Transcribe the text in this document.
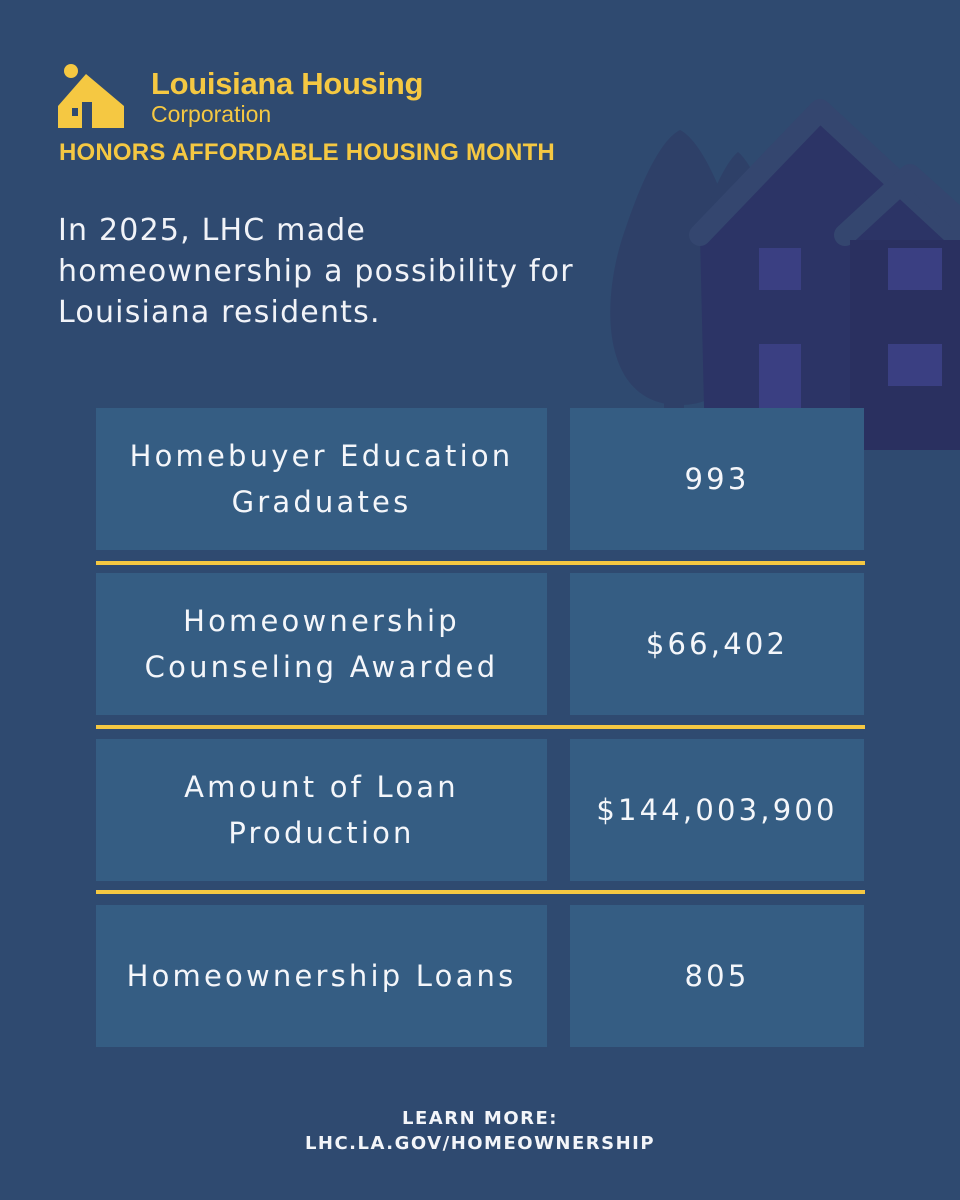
Louisiana Housing
Corporation
HONORS AFFORDABLE HOUSING MONTH

In 2025, LHC made homeownership a possibility for Louisiana residents.

Homebuyer Education Graduates
993
Homeownership Counseling Awarded
$66,402
Amount of Loan Production
$144,003,900
Homeownership Loans	805
LEARN MORE:
LHC.LA.GOV/HOMEOWNERSHIP
